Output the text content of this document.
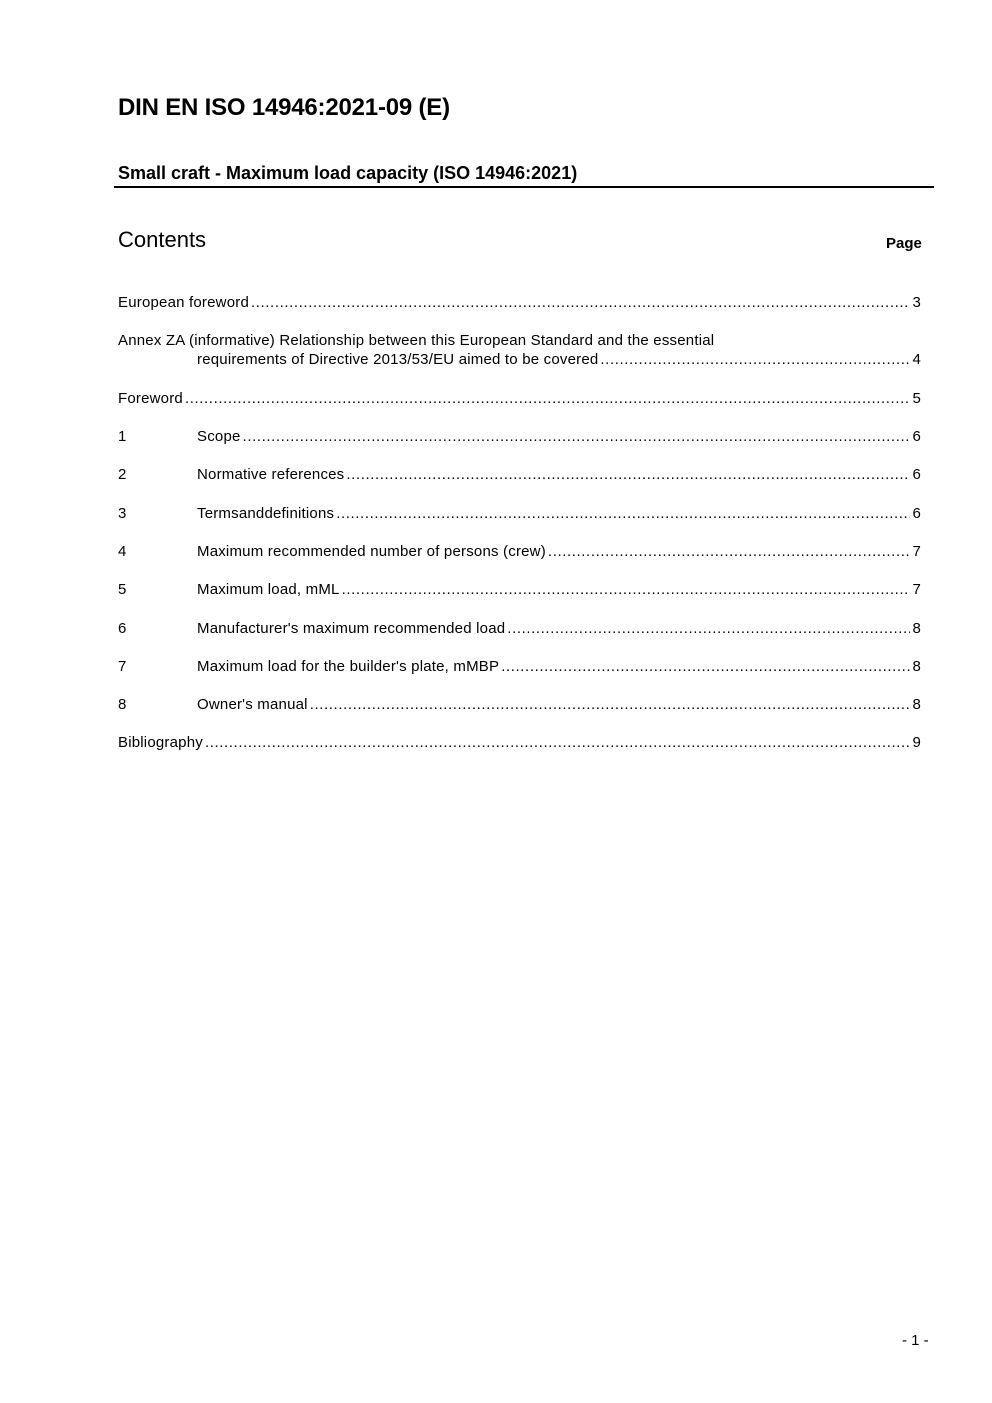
DIN EN ISO 14946:2021-09 (E)
Small craft - Maximum load capacity (ISO 14946:2021)
Contents	Page
European foreword .....	3
Annex ZA (informative) Relationship between this European Standard and the essential
requirements of Directive 2013/53/EU aimed to be covered .....	4
Foreword .....	5
1	Scope .....	6
2	Normative references .....	6
3	Termsanddefinitions .....	6
4	Maximum recommended number of persons (crew) .....	7
5	Maximum load, mML .....	7
6	Manufacturer's maximum recommended load .....	8
7	Maximum load for the builder's plate, mMBP .....	8
8	Owner's manual .....	8
Bibliography .....	9
- 1 -
